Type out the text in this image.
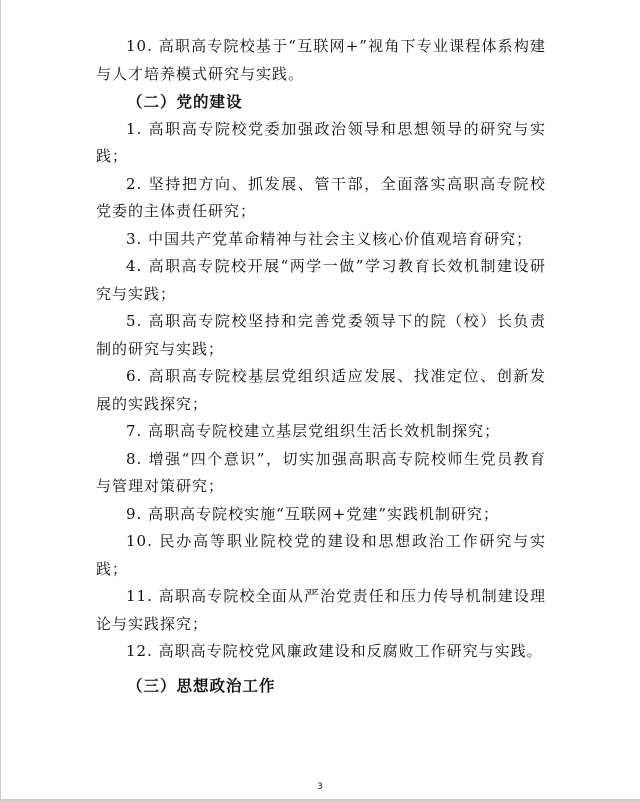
10. 高职高专院校基于“互联网+”视角下专业课程体系构建与人才培养模式研究与实践。

（二）党的建设

1. 高职高专院校党委加强政治领导和思想领导的研究与实践；

2. 坚持把方向、抓发展、管干部，全面落实高职高专院校党委的主体责任研究；

3. 中国共产党革命精神与社会主义核心价值观培育研究；

4. 高职高专院校开展“两学一做”学习教育长效机制建设研究与实践；

5. 高职高专院校坚持和完善党委领导下的院（校）长负责制的研究与实践；

6. 高职高专院校基层党组织适应发展、找准定位、创新发展的实践探究；

7. 高职高专院校建立基层党组织生活长效机制探究；

8. 增强“四个意识”，切实加强高职高专院校师生党员教育与管理对策研究；

9. 高职高专院校实施“互联网+党建”实践机制研究；

10. 民办高等职业院校党的建设和思想政治工作研究与实践；

11. 高职高专院校全面从严治党责任和压力传导机制建设理论与实践探究；

12. 高职高专院校党风廉政建设和反腐败工作研究与实践。

（三）思想政治工作

3
